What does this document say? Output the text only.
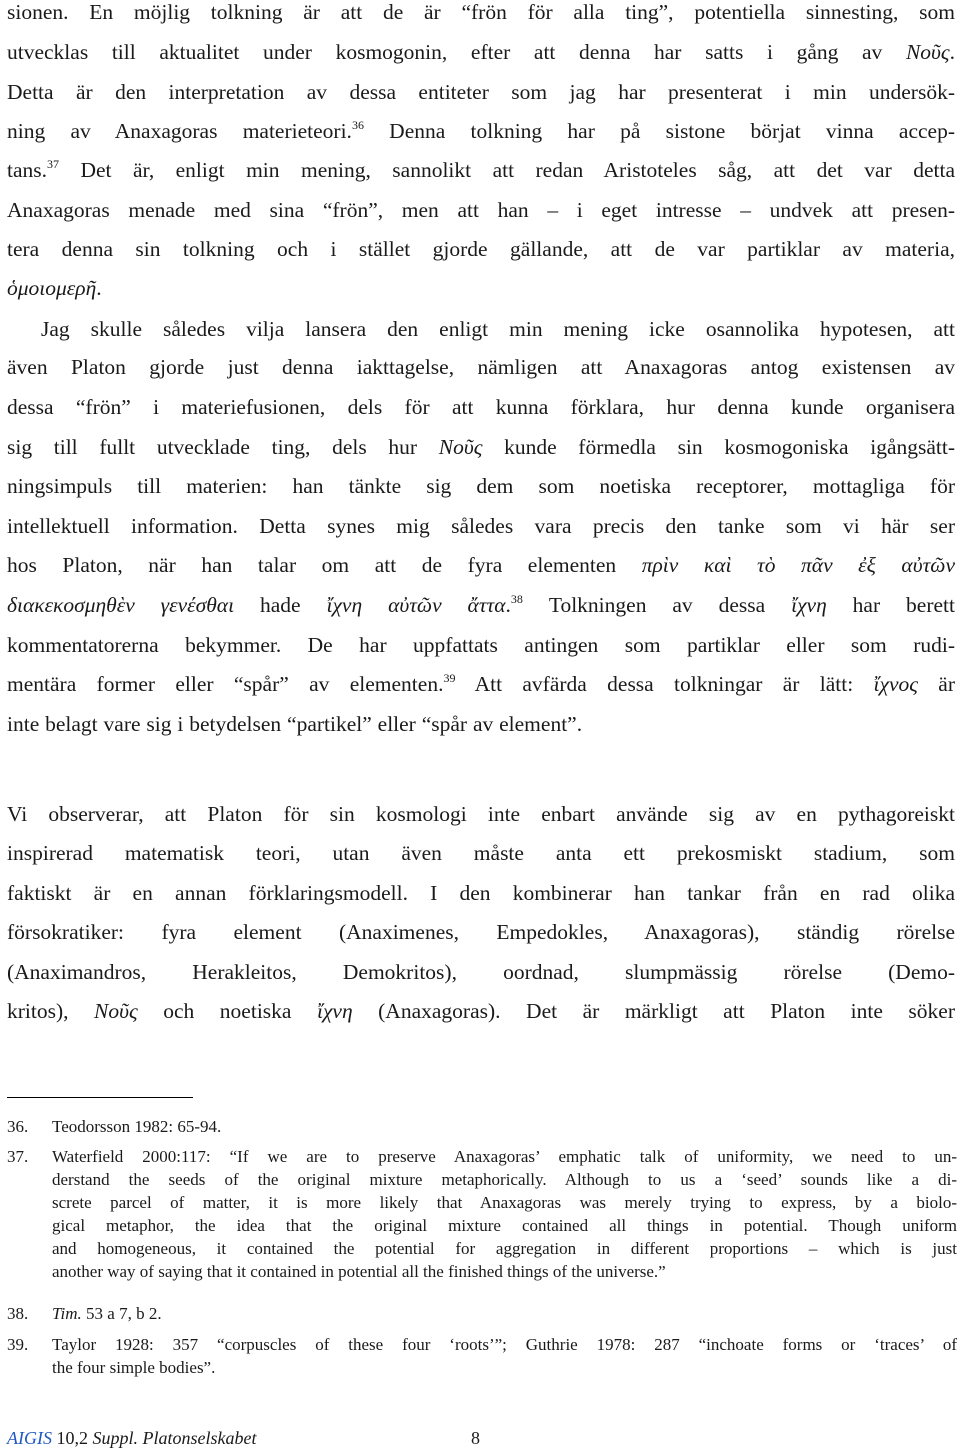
sionen. En möjlig tolkning är att de är “frön för alla ting”, potentiella sinnesting, som
utvecklas till aktualitet under kosmogonin, efter att denna har satts i gång av Νοῦς.
Detta är den interpretation av dessa entiteter som jag har presenterat i min undersök-
ning av Anaxagoras materieteori.$^{36}$ Denna tolkning har på sistone börjat vinna accep-
tans.$^{37}$ Det är, enligt min mening, sannolikt att redan Aristoteles såg, att det var detta
Anaxagoras menade med sina “frön”, men att han – i eget intresse – undvek att presen-
tera denna sin tolkning och i stället gjorde gällande, att de var partiklar av materia,
ὁμοιομερῆ.
Jag skulle således vilja lansera den enligt min mening icke osannolika hypotesen, att
även Platon gjorde just denna iakttagelse, nämligen att Anaxagoras antog existensen av
dessa “frön” i materiefusionen, dels för att kunna förklara, hur denna kunde organisera
sig till fullt utvecklade ting, dels hur Νοῦς kunde förmedla sin kosmogoniska igångsätt-
ningsimpuls till materien: han tänkte sig dem som noetiska receptorer, mottagliga för
intellektuell information. Detta synes mig således vara precis den tanke som vi här ser
hos Platon, när han talar om att de fyra elementen πρὶν καὶ τὸ πᾶν ἐξ αὐτῶν
διακεκοσμηθὲν γενέσθαι hade ἴχνη αὐτῶν ἄττα.$^{38}$ Tolkningen av dessa ἴχνη har berett
kommentatorerna bekymmer. De har uppfattats antingen som partiklar eller som rudi-
mentära former eller “spår” av elementen.$^{39}$ Att avfärda dessa tolkningar är lätt: ἴχνος är
inte belagt vare sig i betydelsen “partikel” eller “spår av element”.
Vi observerar, att Platon för sin kosmologi inte enbart använde sig av en pythagoreiskt
inspirerad matematisk teori, utan även måste anta ett prekosmiskt stadium, som
faktiskt är en annan förklaringsmodell. I den kombinerar han tankar från en rad olika
försokratiker: fyra element (Anaximenes, Empedokles, Anaxagoras), ständig rörelse
(Anaximandros, Herakleitos, Demokritos), oordnad, slumpmässig rörelse (Demo-
kritos), Νοῦς och noetiska ἴχνη (Anaxagoras). Det är märkligt att Platon inte söker
36.	Teodorsson 1982: 65-94.
37.	Waterfield 2000:117: “If we are to preserve Anaxagoras’ emphatic talk of uniformity, we need to un-
derstand the seeds of the original mixture metaphorically. Although to us a ‘seed’ sounds like a di-
screte parcel of matter, it is more likely that Anaxagoras was merely trying to express, by a biolo-
gical metaphor, the idea that the original mixture contained all things in potential. Though uniform
and homogeneous, it contained the potential for aggregation in different proportions – which is just
another way of saying that it contained in potential all the finished things of the universe.”
38.	Tim. 53 a 7, b 2.
39.	Taylor 1928: 357 “corpuscles of these four ‘roots’”; Guthrie 1978: 287 “inchoate forms or ‘traces’ of
the four simple bodies”.
AIGIS 10,2 Suppl. Platonselskabet	8
